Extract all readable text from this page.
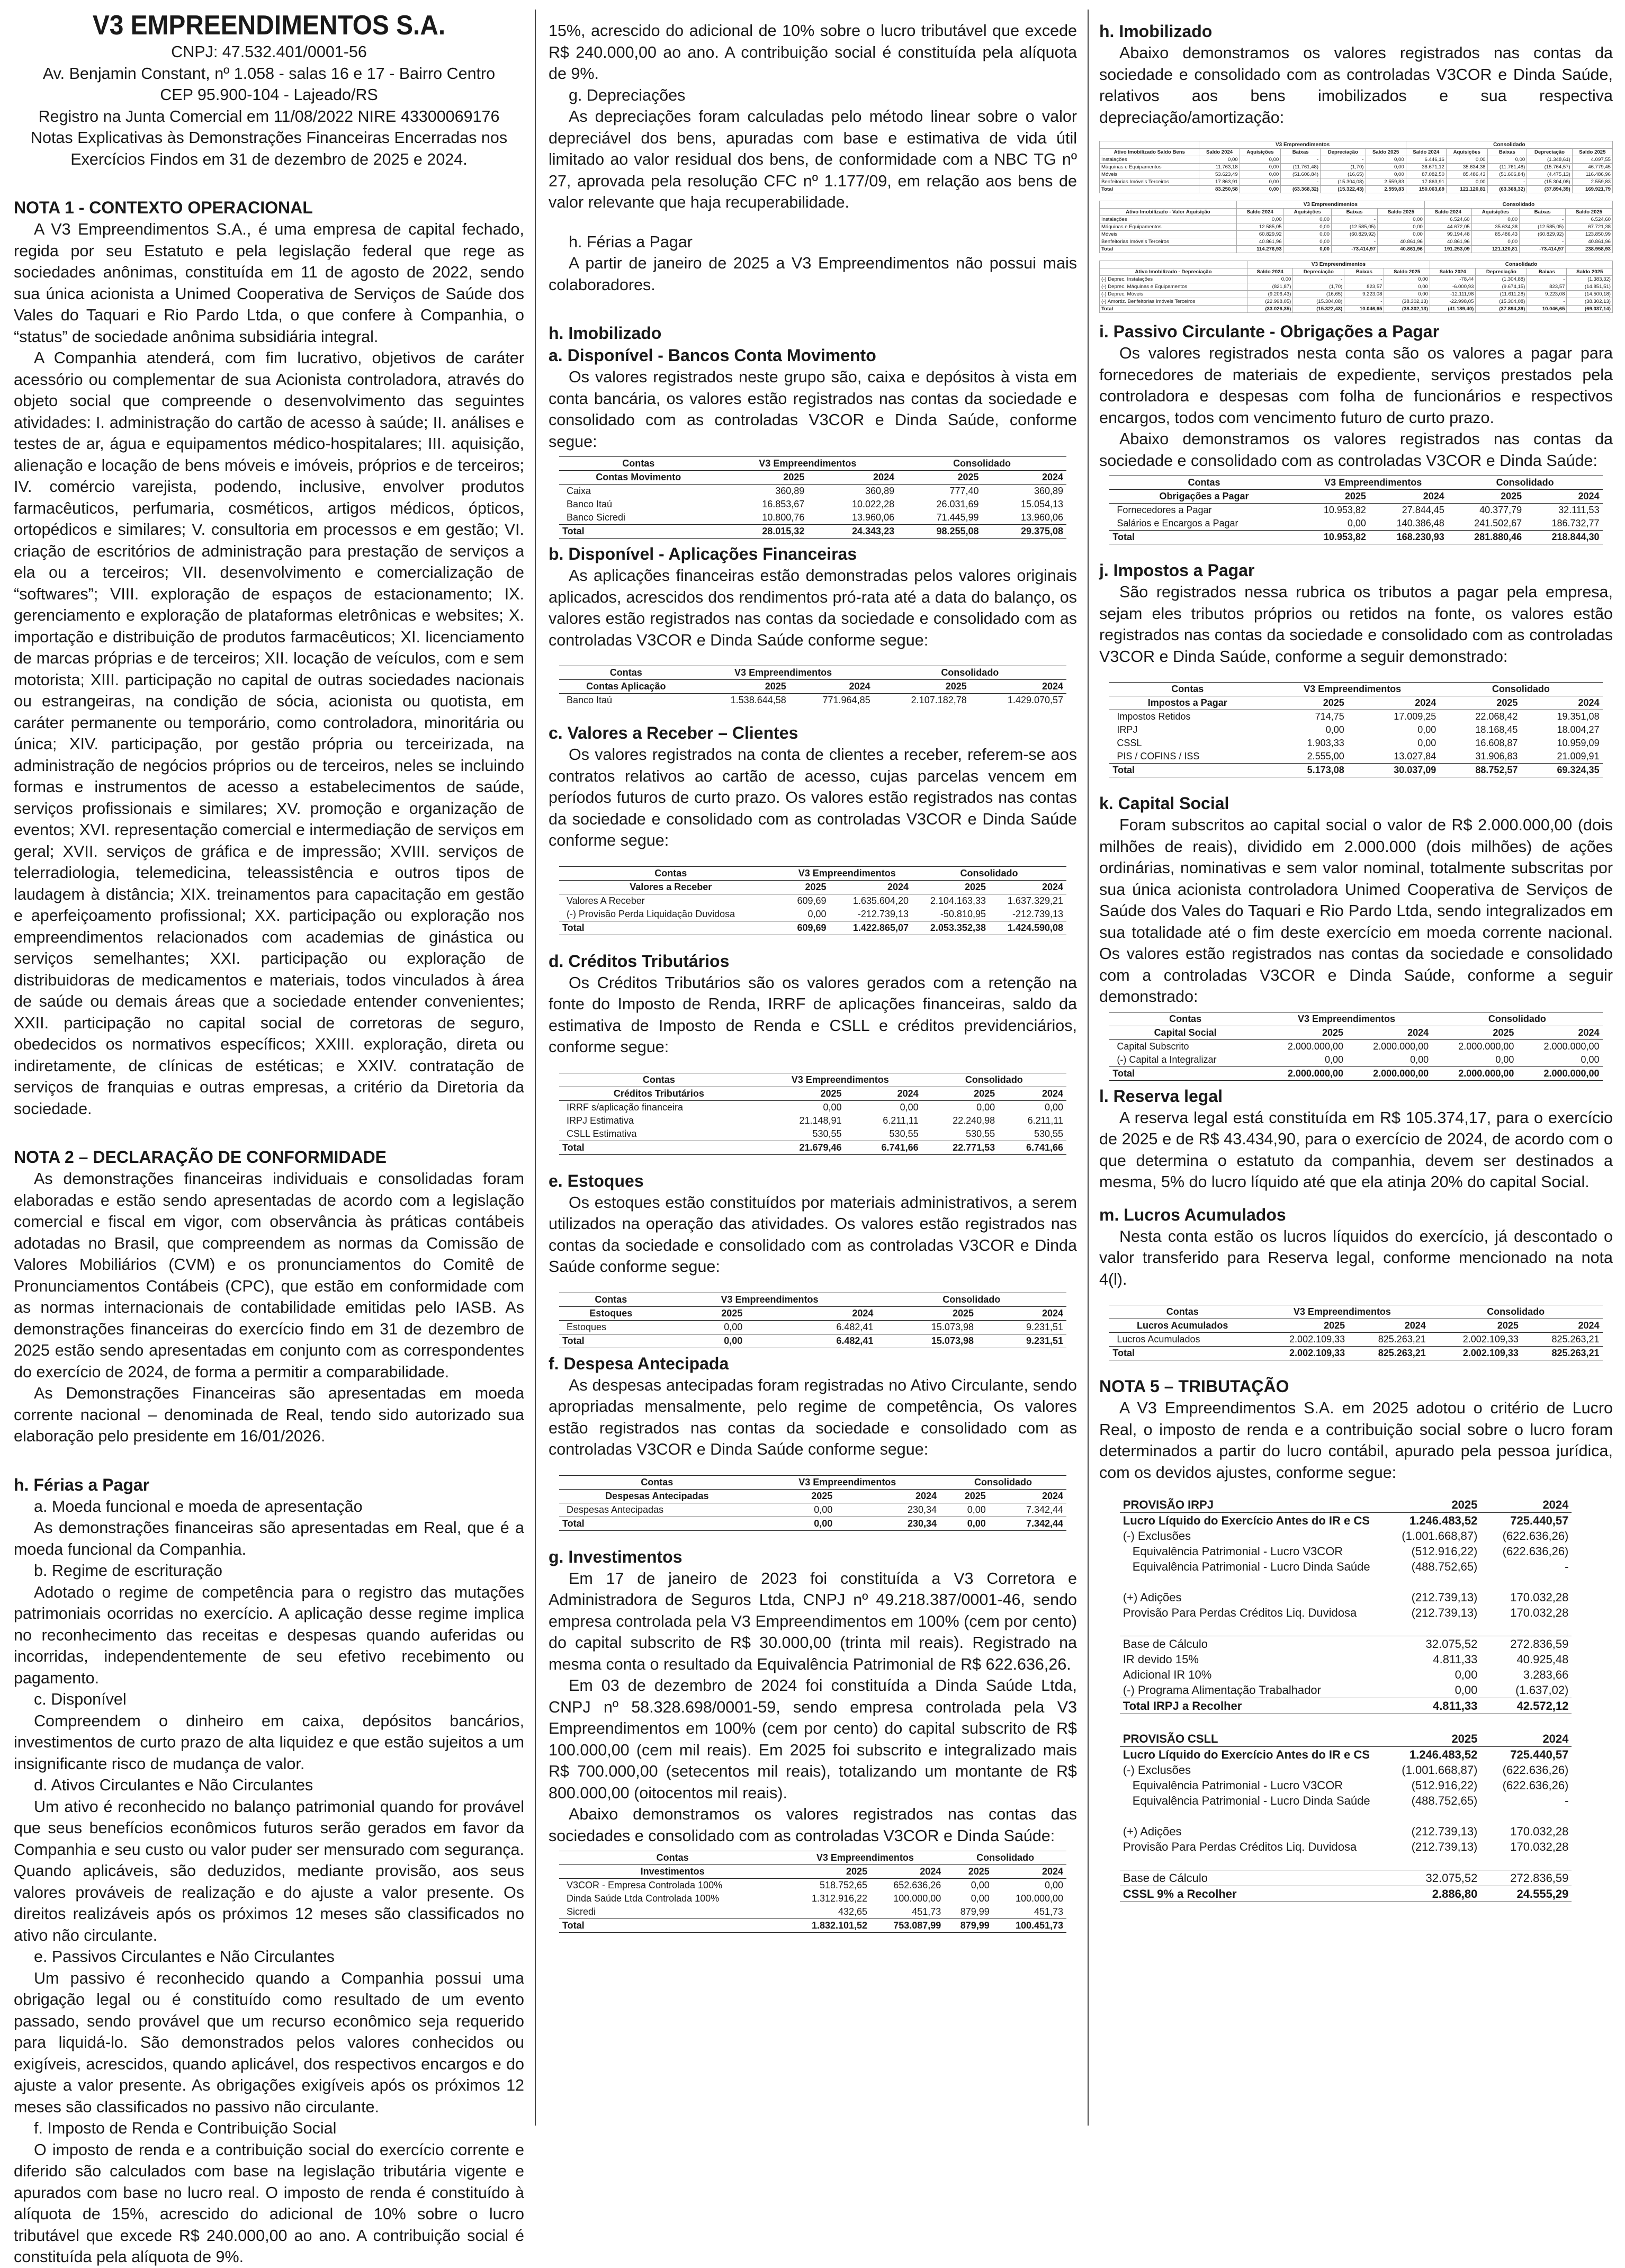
V3 EMPREENDIMENTOS S.A.
CNPJ: 47.532.401/0001-56
Av. Benjamin Constant, nº 1.058 - salas 16 e 17 - Bairro Centro
CEP 95.900-104 - Lajeado/RS
Registro na Junta Comercial em 11/08/2022 NIRE 43300069176
Notas Explicativas às Demonstrações Financeiras Encerradas nos
Exercícios Findos em 31 de dezembro de 2025 e 2024.
NOTA 1 - CONTEXTO OPERACIONAL

A V3 Empreendimentos S.A., é uma empresa de capital fechado, regida por seu Estatuto e pela legislação federal que rege as sociedades anônimas, constituída em 11 de agosto de 2022, sendo sua única acionista a Unimed Cooperativa de Serviços de Saúde dos Vales do Taquari e Rio Pardo Ltda, o que confere à Companhia, o “status” de sociedade anônima subsidiária integral.

A Companhia atenderá, com fim lucrativo, objetivos de caráter acessório ou complementar de sua Acionista controladora, através do objeto social que compreende o desenvolvimento das seguintes atividades: I. administração do cartão de acesso à saúde; II. análises e testes de ar, água e equipamentos médico-hospitalares; III. aquisição, alienação e locação de bens móveis e imóveis, próprios e de terceiros; IV. comércio varejista, podendo, inclusive, envolver produtos farmacêuticos, perfumaria, cosméticos, artigos médicos, ópticos, ortopédicos e similares; V. consultoria em processos e em gestão; VI. criação de escritórios de administração para prestação de serviços a ela ou a terceiros; VII. desenvolvimento e comercialização de “softwares”; VIII. exploração de espaços de estacionamento; IX. gerenciamento e exploração de plataformas eletrônicas e websites; X. importação e distribuição de produtos farmacêuticos; XI. licenciamento de marcas próprias e de terceiros; XII. locação de veículos, com e sem motorista; XIII. participação no capital de outras sociedades nacionais ou estrangeiras, na condição de sócia, acionista ou quotista, em caráter permanente ou temporário, como controladora, minoritária ou única; XIV. participação, por gestão própria ou terceirizada, na administração de negócios próprios ou de terceiros, neles se incluindo formas e instrumentos de acesso a estabelecimentos de saúde, serviços profissionais e similares; XV. promoção e organização de eventos; XVI. representação comercial e intermediação de serviços em geral; XVII. serviços de gráfica e de impressão; XVIII. serviços de telerradiologia, telemedicina, teleassistência e outros tipos de laudagem à distância; XIX. treinamentos para capacitação em gestão e aperfeiçoamento profissional; XX. participação ou exploração nos empreendimentos relacionados com academias de ginástica ou serviços semelhantes; XXI. participação ou exploração de distribuidoras de medicamentos e materiais, todos vinculados à área de saúde ou demais áreas que a sociedade entender convenientes; XXII. participação no capital social de corretoras de seguro, obedecidos os normativos específicos; XXIII. exploração, direta ou indiretamente, de clínicas de estéticas; e XXIV. contratação de serviços de franquias e outras empresas, a critério da Diretoria da sociedade.

NOTA 2 – DECLARAÇÃO DE CONFORMIDADE

As demonstrações financeiras individuais e consolidadas foram elaboradas e estão sendo apresentadas de acordo com a legislação comercial e fiscal em vigor, com observância às práticas contábeis adotadas no Brasil, que compreendem as normas da Comissão de Valores Mobiliários (CVM) e os pronunciamentos do Comitê de Pronunciamentos Contábeis (CPC), que estão em conformidade com as normas internacionais de contabilidade emitidas pelo IASB. As demonstrações financeiras do exercício findo em 31 de dezembro de 2025 estão sendo apresentadas em conjunto com as correspondentes do exercício de 2024, de forma a permitir a comparabilidade.

As Demonstrações Financeiras são apresentadas em moeda corrente nacional – denominada de Real, tendo sido autorizado sua elaboração pelo presidente em 16/01/2026.

h. Férias a Pagar

a. Moeda funcional e moeda de apresentação

As demonstrações financeiras são apresentadas em Real, que é a moeda funcional da Companhia.

b. Regime de escrituração

Adotado o regime de competência para o registro das mutações patrimoniais ocorridas no exercício. A aplicação desse regime implica no reconhecimento das receitas e despesas quando auferidas ou incorridas, independentemente de seu efetivo recebimento ou pagamento.

c. Disponível

Compreendem o dinheiro em caixa, depósitos bancários, investimentos de curto prazo de alta liquidez e que estão sujeitos a um insignificante risco de mudança de valor.

d. Ativos Circulantes e Não Circulantes

Um ativo é reconhecido no balanço patrimonial quando for provável que seus benefícios econômicos futuros serão gerados em favor da Companhia e seu custo ou valor puder ser mensurado com segurança. Quando aplicáveis, são deduzidos, mediante provisão, aos seus valores prováveis de realização e do ajuste a valor presente. Os direitos realizáveis após os próximos 12 meses são classificados no ativo não circulante.

e. Passivos Circulantes e Não Circulantes

Um passivo é reconhecido quando a Companhia possui uma obrigação legal ou é constituído como resultado de um evento passado, sendo provável que um recurso econômico seja requerido para liquidá-lo. São demonstrados pelos valores conhecidos ou exigíveis, acrescidos, quando aplicável, dos respectivos encargos e do ajuste a valor presente. As obrigações exigíveis após os próximos 12 meses são classificados no passivo não circulante.

f. Imposto de Renda e Contribuição Social

O imposto de renda e a contribuição social do exercício corrente e diferido são calculados com base na legislação tributária vigente e apurados com base no lucro real. O imposto de renda é constituído à alíquota de 15%, acrescido do adicional de 10% sobre o lucro tributável que excede R$ 240.000,00 ao ano. A contribuição social é constituída pela alíquota de 9%.

15%, acrescido do adicional de 10% sobre o lucro tributável que excede R$ 240.000,00 ao ano. A contribuição social é constituída pela alíquota de 9%.

g. Depreciações

As depreciações foram calculadas pelo método linear sobre o valor depreciável dos bens, apuradas com base e estimativa de vida útil limitado ao valor residual dos bens, de conformidade com a NBC TG nº 27, aprovada pela resolução CFC nº 1.177/09, em relação aos bens de valor relevante que haja recuperabilidade.

h. Férias a Pagar

A partir de janeiro de 2025 a V3 Empreendimentos não possui mais colaboradores.

h. Imobilizado
a. Disponível - Bancos Conta Movimento

Os valores registrados neste grupo são, caixa e depósitos à vista em conta bancária, os valores estão registrados nas contas da sociedade e consolidado com as controladas V3COR e Dinda Saúde, conforme segue:

Contas	V3 Empreendimentos		Consolidado	
Contas Movimento	2025	2024	2025	2024
Caixa	360,89	360,89	777,40	360,89
Banco Itaú	16.853,67	10.022,28	26.031,69	15.054,13
Banco Sicredi	10.800,76	13.960,06	71.445,99	13.960,06
Total	28.015,32	24.343,23	98.255,08	29.375,08
b. Disponível - Aplicações Financeiras

As aplicações financeiras estão demonstradas pelos valores originais aplicados, acrescidos dos rendimentos pró-rata até a data do balanço, os valores estão registrados nas contas da sociedade e consolidado com as controladas V3COR e Dinda Saúde conforme segue:

Contas	V3 Empreendimentos		Consolidado	
Contas Aplicação	2025	2024	2025	2024
Banco Itaú	1.538.644,58	771.964,85	2.107.182,78	1.429.070,57
c. Valores a Receber – Clientes

Os valores registrados na conta de clientes a receber, referem-se aos contratos relativos ao cartão de acesso, cujas parcelas vencem em períodos futuros de curto prazo. Os valores estão registrados nas contas da sociedade e consolidado com as controladas V3COR e Dinda Saúde conforme segue:

Contas	V3 Empreendimentos		Consolidado	
Valores a Receber	2025	2024	2025	2024
Valores A Receber	609,69	1.635.604,20	2.104.163,33	1.637.329,21
(-) Provisão Perda Liquidação Duvidosa	0,00	-212.739,13	-50.810,95	-212.739,13
Total	609,69	1.422.865,07	2.053.352,38	1.424.590,08
d. Créditos Tributários

Os Créditos Tributários são os valores gerados com a retenção na fonte do Imposto de Renda, IRRF de aplicações financeiras, saldo da estimativa de Imposto de Renda e CSLL e créditos previdenciários, conforme segue:

Contas	V3 Empreendimentos		Consolidado	
Créditos Tributários	2025	2024	2025	2024
IRRF s/aplicação financeira	0,00	0,00	0,00	0,00
IRPJ Estimativa	21.148,91	6.211,11	22.240,98	6.211,11
CSLL Estimativa	530,55	530,55	530,55	530,55
Total	21.679,46	6.741,66	22.771,53	6.741,66
e. Estoques

Os estoques estão constituídos por materiais administrativos, a serem utilizados na operação das atividades. Os valores estão registrados nas contas da sociedade e consolidado com as controladas V3COR e Dinda Saúde conforme segue:

Contas	V3 Empreendimentos		Consolidado	
Estoques	2025	2024	2025	2024
Estoques	0,00	6.482,41	15.073,98	9.231,51
Total	0,00	6.482,41	15.073,98	9.231,51
f. Despesa Antecipada

As despesas antecipadas foram registradas no Ativo Circulante, sendo apropriadas mensalmente, pelo regime de competência, Os valores estão registrados nas contas da sociedade e consolidado com as controladas V3COR e Dinda Saúde conforme segue:

Contas	V3 Empreendimentos		Consolidado	
Despesas Antecipadas	2025	2024	2025	2024
Despesas Antecipadas	0,00	230,34	0,00	7.342,44
Total	0,00	230,34	0,00	7.342,44
g. Investimentos

Em 17 de janeiro de 2023 foi constituída a V3 Corretora e Administradora de Seguros Ltda, CNPJ nº 49.218.387/0001-46, sendo empresa controlada pela V3 Empreendimentos em 100% (cem por cento) do capital subscrito de R$ 30.000,00 (trinta mil reais). Registrado na mesma conta o resultado da Equivalência Patrimonial de R$ 622.636,26.

Em 03 de dezembro de 2024 foi constituída a Dinda Saúde Ltda, CNPJ nº 58.328.698/0001-59, sendo empresa controlada pela V3 Empreendimentos em 100% (cem por cento) do capital subscrito de R$ 100.000,00 (cem mil reais). Em 2025 foi subscrito e integralizado mais R$ 700.000,00 (setecentos mil reais), totalizando um montante de R$ 800.000,00 (oitocentos mil reais).

Abaixo demonstramos os valores registrados nas contas das sociedades e consolidado com as controladas V3COR e Dinda Saúde:

Contas	V3 Empreendimentos		Consolidado	
Investimentos	2025	2024	2025	2024
V3COR - Empresa Controlada 100%	518.752,65	652.636,26	0,00	0,00
Dinda Saúde Ltda Controlada 100%	1.312.916,22	100.000,00	0,00	100.000,00
Sicredi	432,65	451,73	879,99	451,73
Total	1.832.101,52	753.087,99	879,99	100.451,73
h. Imobilizado

Abaixo demonstramos os valores registrados nas contas da sociedade e consolidado com as controladas V3COR e Dinda Saúde, relativos aos bens imobilizados e sua respectiva depreciação/amortização:

	V3 Empreendimentos					Consolidado				
Ativo Imobilizado Saldo Bens	Saldo 2024	Aquisições	Baixas	Depreciação	Saldo 2025	Saldo 2024	Aquisições	Baixas	Depreciação	Saldo 2025
Instalações	0,00	0,00	-	-	0,00	6.446,16	0,00	0,00	(1.348,61)	4.097,55
Máquinas e Equipamentos	11.763,18	0,00	(11.761,48)	(1,70)	0,00	38.671,12	35.634,38	(11.761,48)	(15.764,57)	46.779,45
Móveis	53.623,49	0,00	(51.606,84)	(16,65)	0,00	87.082,50	85.486,43	(51.606,84)	(4.475,13)	116.486,96
Benfeitorias Imóveis Terceiros	17.863,91	0,00	-	(15.304,08)	2.559,83	17.863,91	0,00	-	(15.304,08)	2.559,83
Total	83.250,58	0,00	(63.368,32)	(15.322,43)	2.559,83	150.063,69	121.120,81	(63.368,32)	(37.894,39)	169.921,79
	V3 Empreendimentos				Consolidado			
Ativo Imobilizado - Valor Aquisição	Saldo 2024	Aquisições	Baixas	Saldo 2025	Saldo 2024	Aquisições	Baixas	Saldo 2025
Instalações	0,00	0,00	-	0,00	6.524,60	0,00	-	6.524,60
Máquinas e Equipamentos	12.585,05	0,00	(12.585,05)	0,00	44.672,05	35.634,38	(12.585,05)	67.721,38
Móveis	60.829,92	0,00	(60.829,92)	0,00	99.194,48	85.486,43	(60.829,92)	123.850,99
Benfeitorias Imóveis Terceiros	40.861,96	0,00	-	40.861,96	40.861,96	0,00	-	40.861,96
Total	114.276,93	0,00	-73.414,97	40.861,96	191.253,09	121.120,81	-73.414,97	238.958,93
	V3 Empreendimentos				Consolidado			
Ativo Imobilizado - Depreciação	Saldo 2024	Depreciação	Baixas	Saldo 2025	Saldo 2024	Depreciação	Baixas	Saldo 2025
(-) Deprec. Instalações	0,00	-	-	0,00	-78,44	(1.304,88)	-	(1.383,32)
(-) Deprec. Máquinas e Equipamentos	(821,87)	(1,70)	823,57	0,00	-6.000,93	(9.674,15)	823,57	(14.851,51)
(-) Deprec. Móveis	(9.206,43)	(16,65)	9.223,08	0,00	-12.111,98	(11.611,28)	9.223,08	(14.500,18)
(-) Amortiz. Benfeitorias Imóveis Terceiros	(22.998,05)	(15.304,08)	-	(38.302,13)	-22.998,05	(15.304,08)	-	(38.302,13)
Total	(33.026,35)	(15.322,43)	10.046,65	(38.302,13)	(41.189,40)	(37.894,39)	10.046,65	(69.037,14)
i. Passivo Circulante - Obrigações a Pagar

Os valores registrados nesta conta são os valores a pagar para fornecedores de materiais de expediente, serviços prestados pela controladora e despesas com folha de funcionários e respectivos encargos, todos com vencimento futuro de curto prazo.

Abaixo demonstramos os valores registrados nas contas da sociedade e consolidado com as controladas V3COR e Dinda Saúde:

Contas	V3 Empreendimentos		Consolidado	
Obrigações a Pagar	2025	2024	2025	2024
Fornecedores a Pagar	10.953,82	27.844,45	40.377,79	32.111,53
Salários e Encargos a Pagar	0,00	140.386,48	241.502,67	186.732,77
Total	10.953,82	168.230,93	281.880,46	218.844,30
j. Impostos a Pagar

São registrados nessa rubrica os tributos a pagar pela empresa, sejam eles tributos próprios ou retidos na fonte, os valores estão registrados nas contas da sociedade e consolidado com as controladas V3COR e Dinda Saúde, conforme a seguir demonstrado:

Contas	V3 Empreendimentos		Consolidado	
Impostos a Pagar	2025	2024	2025	2024
Impostos Retidos	714,75	17.009,25	22.068,42	19.351,08
IRPJ	0,00	0,00	18.168,45	18.004,27
CSSL	1.903,33	0,00	16.608,87	10.959,09
PIS / COFINS / ISS	2.555,00	13.027,84	31.906,83	21.009,91
Total	5.173,08	30.037,09	88.752,57	69.324,35
k. Capital Social

Foram subscritos ao capital social o valor de R$ 2.000.000,00 (dois milhões de reais), dividido em 2.000.000 (dois milhões) de ações ordinárias, nominativas e sem valor nominal, totalmente subscritas por sua única acionista controladora Unimed Cooperativa de Serviços de Saúde dos Vales do Taquari e Rio Pardo Ltda, sendo integralizados em sua totalidade até o fim deste exercício em moeda corrente nacional. Os valores estão registrados nas contas da sociedade e consolidado com a controladas V3COR e Dinda Saúde, conforme a seguir demonstrado:

Contas	V3 Empreendimentos		Consolidado	
Capital Social	2025	2024	2025	2024
Capital Subscrito	2.000.000,00	2.000.000,00	2.000.000,00	2.000.000,00
(-) Capital a Integralizar	0,00	0,00	0,00	0,00
Total	2.000.000,00	2.000.000,00	2.000.000,00	2.000.000,00
l. Reserva legal

A reserva legal está constituída em R$ 105.374,17, para o exercício de 2025 e de R$ 43.434,90, para o exercício de 2024, de acordo com o que determina o estatuto da companhia, devem ser destinados a mesma, 5% do lucro líquido até que ela atinja 20% do capital Social.

m. Lucros Acumulados

Nesta conta estão os lucros líquidos do exercício, já descontado o valor transferido para Reserva legal, conforme mencionado na nota 4(l).

Contas	V3 Empreendimentos		Consolidado	
Lucros Acumulados	2025	2024	2025	2024
Lucros Acumulados	2.002.109,33	825.263,21	2.002.109,33	825.263,21
Total	2.002.109,33	825.263,21	2.002.109,33	825.263,21
NOTA 5 – TRIBUTAÇÃO

A V3 Empreendimentos S.A. em 2025 adotou o critério de Lucro Real, o imposto de renda e a contribuição social sobre o lucro foram determinados a partir do lucro contábil, apurado pela pessoa jurídica, com os devidos ajustes, conforme segue:

PROVISÃO IRPJ	2025	2024
Lucro Líquido do Exercício Antes do IR e CS	1.246.483,52	725.440,57
(-) Exclusões	(1.001.668,87)	(622.636,26)
Equivalência Patrimonial - Lucro V3COR	(512.916,22)	(622.636,26)
Equivalência Patrimonial - Lucro Dinda Saúde	(488.752,65)	-

(+) Adições	(212.739,13)	170.032,28
Provisão Para Perdas Créditos Liq. Duvidosa	(212.739,13)	170.032,28

Base de Cálculo	32.075,52	272.836,59
IR devido 15%	4.811,33	40.925,48
Adicional IR 10%	0,00	3.283,66
(-) Programa Alimentação Trabalhador	0,00	(1.637,02)
Total IRPJ a Recolher	4.811,33	42.572,12
PROVISÃO CSLL	2025	2024
Lucro Líquido do Exercício Antes do IR e CS	1.246.483,52	725.440,57
(-) Exclusões	(1.001.668,87)	(622.636,26)
Equivalência Patrimonial - Lucro V3COR	(512.916,22)	(622.636,26)
Equivalência Patrimonial - Lucro Dinda Saúde	(488.752,65)	-

(+) Adições	(212.739,13)	170.032,28
Provisão Para Perdas Créditos Liq. Duvidosa	(212.739,13)	170.032,28

Base de Cálculo	32.075,52	272.836,59
CSSL 9% a Recolher	2.886,80	24.555,29
